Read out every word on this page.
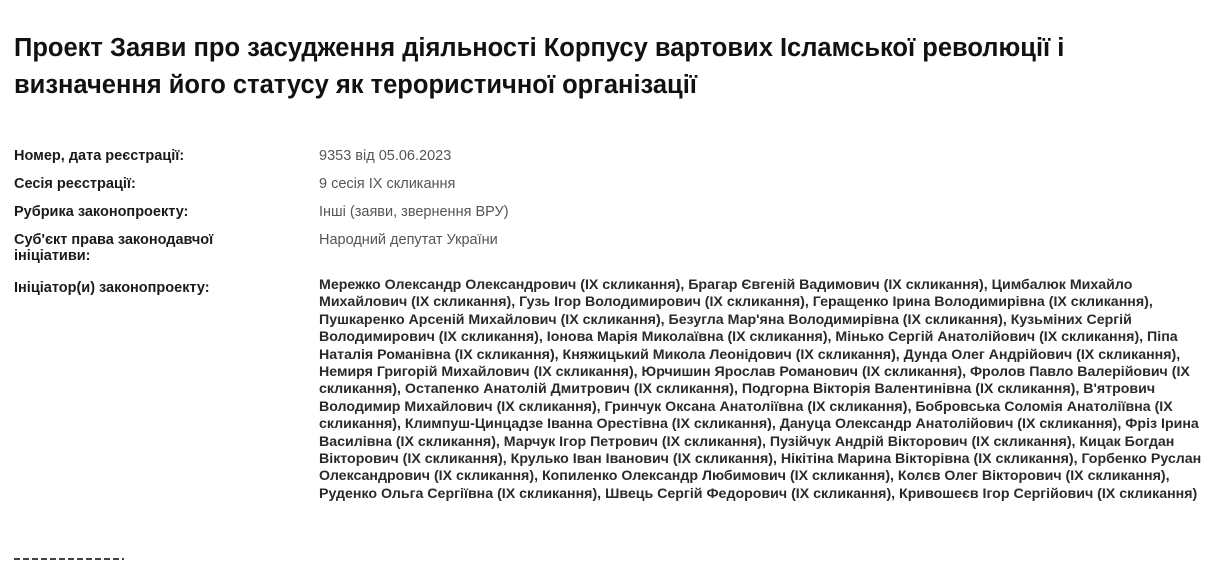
Проект Заяви про засудження діяльності Корпусу вартових Ісламської революції і визначення його статусу як терористичної організації
Номер, дата реєстрації:	9353 від 05.06.2023
Сесія реєстрації:	9 сесія IX скликання
Рубрика законопроекту:	Інші (заяви, звернення ВРУ)
Суб'єкт права законодавчої ініціативи:
Народний депутат України
Ініціатор(и) законопроекту:	Мережко Олександр Олександрович (IX скликання), Брагар Євгеній Вадимович (IX скликання), Цимбалюк Михайло Михайлович (IX скликання), Гузь Ігор Володимирович (IX скликання), Геращенко Ірина Володимирівна (IX скликання), Пушкаренко Арсеній Михайлович (IX скликання), Безугла Мар'яна Володимирівна (IX скликання), Кузьміних Сергій Володимирович (IX скликання), Іонова Марія Миколаївна (IX скликання), Мінько Сергій Анатолійович (IX скликання), Піпа Наталія Романівна (IX скликання), Княжицький Микола Леонідович (IX скликання), Дунда Олег Андрійович (IX скликання), Немиря Григорій Михайлович (IX скликання), Юрчишин Ярослав Романович (IX скликання), Фролов Павло Валерійович (IX скликання), Остапенко Анатолій Дмитрович (IX скликання), Подгорна Вікторія Валентинівна (IX скликання), В'ятрович Володимир Михайлович (IX скликання), Гринчук Оксана Анатоліївна (IX скликання), Бобровська Соломія Анатоліївна (IX скликання), Климпуш-Цинцадзе Іванна Орестівна (IX скликання), Дануца Олександр Анатолійович (IX скликання), Фріз Ірина Василівна (IX скликання), Марчук Ігор Петрович (IX скликання), Пузійчук Андрій Вікторович (IX скликання), Кицак Богдан Вікторович (IX скликання), Крулько Іван Іванович (IX скликання), Нікітіна Марина Вікторівна (IX скликання), Горбенко Руслан Олександрович (IX скликання), Копиленко Олександр Любимович (IX скликання), Колєв Олег Вікторович (IX скликання), Руденко Ольга Сергіївна (IX скликання), Швець Сергій Федорович (IX скликання), Кривошеєв Ігор Сергійович (IX скликання)
